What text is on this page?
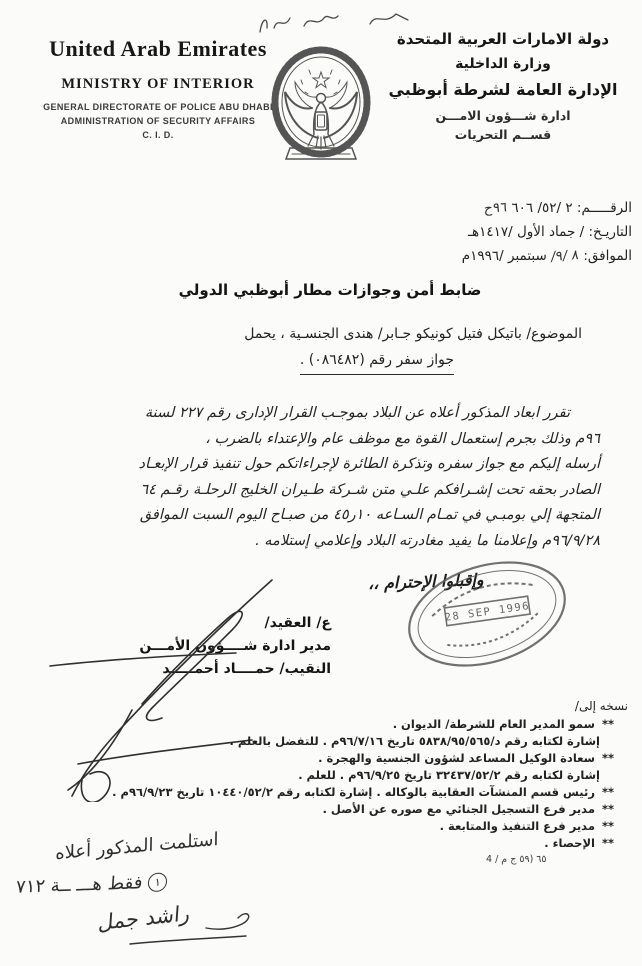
United Arab Emirates
MINISTRY OF INTERIOR
GENERAL DIRECTORATE OF POLICE ABU DHABI
ADMINISTRATION OF SECURITY AFFAIRS
C. I. D.
دولة الامارات العربية المتحدة
وزارة الداخلية
الإدارة العامة لشرطة أبوظبي
ادارة شـــؤون الامـــن
قســم التحريات
الرقـــــم: ٢ /٥٢/ ٦٠٦ ٩٦ح
التاريـخ: / جماد الأول /١٤١٧هـ
الموافق: ٨ /٩/ سبتمبر /١٩٩٦م
ضابط أمن وجوازات مطار أبوظبي الدولي
الموضوع/ باتيكل فتيل كونيكو جـابر/ هندى الجنسـية ، يحمل
جواز سفر رقم (٠٨٦٤٨٢) .
تقرر ابعاد المذكور أعلاه عن البلاد بموجـب القرار الإدارى رقم ٢٢٧ لسنة
٩٦م وذلك بجرم إستعمال القوة مع موظف عام والإعتداء بالضرب ،
أرسله إليكم مع جواز سفره وتذكرة الطائرة لإجراءاتكم حول تنفيذ قرار الإبعـاد
الصادر بحقه تحت إشـرافكم علـي متن شـركة طـيران الخليج الرحلـة رقـم ٦٤
المتجهة إلي بومبـي في تمـام السـاعه ١٠ر٤٥ من صبـاح اليوم السبت الموافق
٩٦/٩/٢٨م وإعلامنا ما يفيد مغادرته البلاد وإعلامي إستلامه .
وإقبلوا الإحترام ،،
28 SEP 1996
ع/ العقيد/
مدير ادارة شــــؤون الأمـــن
النقيب/ حمــــاد أحمـــــد
نسخه إلى/
** سمو المدير العام للشرطة/ الديوان .
إشارة لكتابه رقم د/٥٨٣٨/٩٥/٥٦٥ تاريخ ٩٦/٧/١٦م . للتفضل بالعلم .
** سعادة الوكيل المساعد لشؤون الجنسية والهجرة .
إشارة لكتابه رقم ٣٢٤٣٧/٥٢/٢ تاريخ ٩٦/٩/٢٥م . للعلم .
** رئيس قسم المنشآت العقابية بالوكاله . إشارة لكتابه رقم ١٠٤٤٠/٥٢/٢ تاريخ ٩٦/٩/٢٣م .
** مدير فرع التسجيل الجنائي مع صوره عن الأصل .
** مدير فرع التنفيذ والمتابعة .
** الإحصاء .
استلمت المذكور أعلاه
١ فقط هـــ ــة ٧١٢
راشد جمل
٦٥ (٥٩ ج م / 4
